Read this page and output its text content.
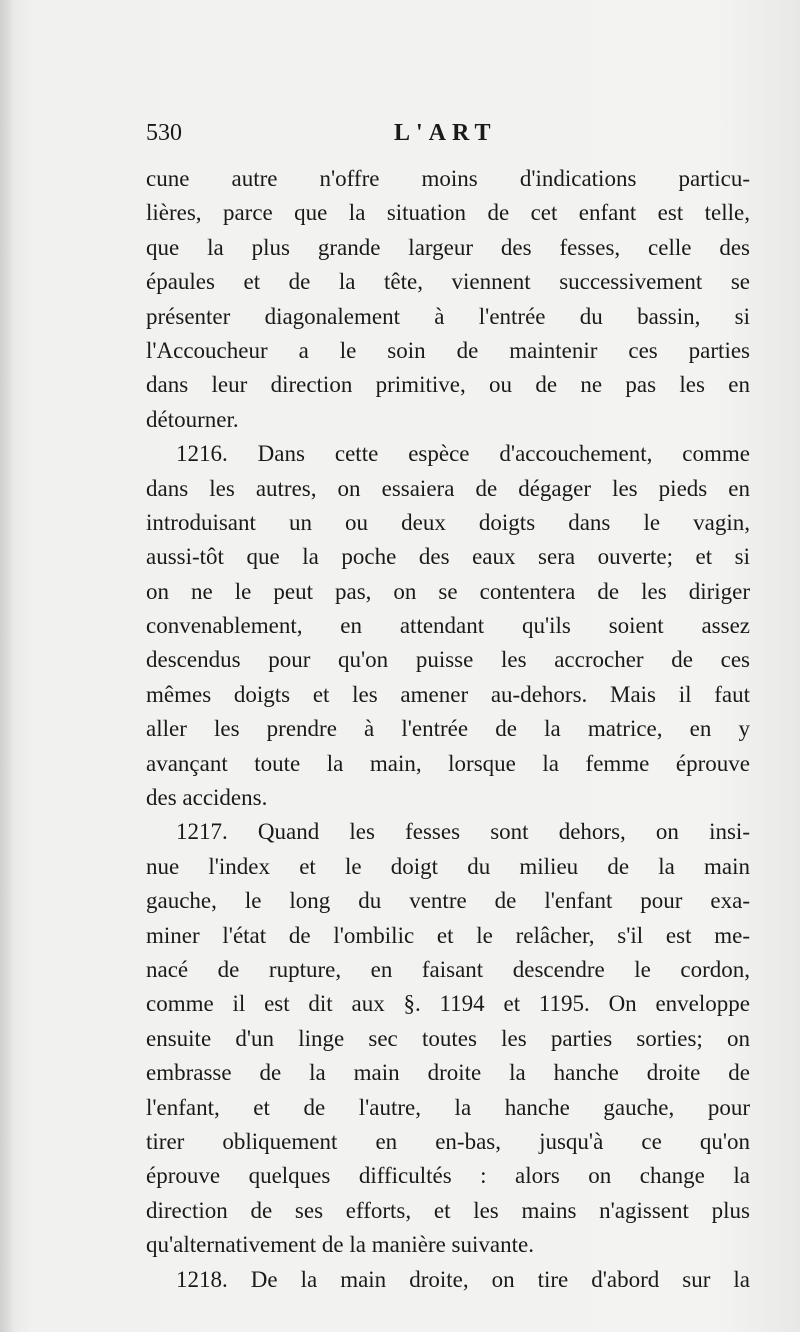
530	L'ART
cune autre n'offre moins d'indications particu-
lières, parce que la situation de cet enfant est telle,
que la plus grande largeur des fesses, celle des
épaules et de la tête, viennent successivement se
présenter diagonalement à l'entrée du bassin, si
l'Accoucheur a le soin de maintenir ces parties
dans leur direction primitive, ou de ne pas les en
détourner.
1216. Dans cette espèce d'accouchement, comme
dans les autres, on essaiera de dégager les pieds en
introduisant un ou deux doigts dans le vagin,
aussi-tôt que la poche des eaux sera ouverte; et si
on ne le peut pas, on se contentera de les diriger
convenablement, en attendant qu'ils soient assez
descendus pour qu'on puisse les accrocher de ces
mêmes doigts et les amener au-dehors. Mais il faut
aller les prendre à l'entrée de la matrice, en y
avançant toute la main, lorsque la femme éprouve
des accidens.
1217. Quand les fesses sont dehors, on insi-
nue l'index et le doigt du milieu de la main
gauche, le long du ventre de l'enfant pour exa-
miner l'état de l'ombilic et le relâcher, s'il est me-
nacé de rupture, en faisant descendre le cordon,
comme il est dit aux §. 1194 et 1195. On enveloppe
ensuite d'un linge sec toutes les parties sorties; on
embrasse de la main droite la hanche droite de
l'enfant, et de l'autre, la hanche gauche, pour
tirer obliquement en en-bas, jusqu'à ce qu'on
éprouve quelques difficultés : alors on change la
direction de ses efforts, et les mains n'agissent plus
qu'alternativement de la manière suivante.
1218. De la main droite, on tire d'abord sur la
